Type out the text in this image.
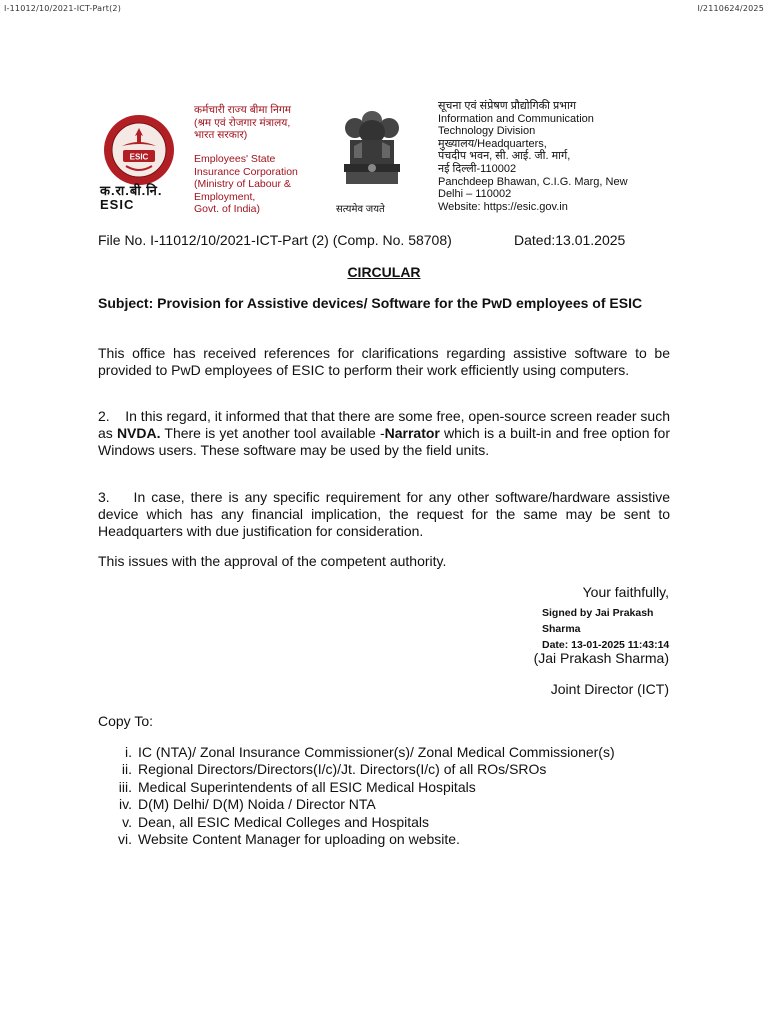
I-11012/10/2021-ICT-Part(2)	I/2110624/2025
ESIC
क.रा.बी.नि.
ESIC
कर्मचारी राज्य बीमा निगम
(श्रम एवं रोजगार मंत्रालय,
भारत सरकार)
Employees' State
Insurance Corporation
(Ministry of Labour &
Employment,
Govt. of India)	सत्यमेव जयते
सूचना एवं संप्रेषण प्रौद्योगिकी प्रभाग
Information and Communication
Technology Division
मुख्यालय/Headquarters,
पंचदीप भवन, सी. आई. जी. मार्ग,
नई दिल्ली-110002
Panchdeep Bhawan, C.I.G. Marg, New
Delhi – 110002
Website: https://esic.gov.in
File No. I-11012/10/2021-ICT-Part (2) (Comp. No. 58708)	Dated:13.01.2025
CIRCULAR
Subject: Provision for Assistive devices/ Software for the PwD employees of ESIC
This office has received references for clarifications regarding assistive software to be provided to PwD employees of ESIC to perform their work efficiently using computers.
2.    In this regard, it informed that that there are some free, open-source screen reader such as NVDA. There is yet another tool available -Narrator which is a built-in and free option for Windows users. These software may be used by the field units.
3.    In case, there is any specific requirement for any other software/hardware assistive device which has any financial implication, the request for the same may be sent to Headquarters with due justification for consideration.
This issues with the approval of the competent authority.
Your faithfully,
Signed by Jai Prakash
Sharma
Date: 13-01-2025 11:43:14
(Jai Prakash Sharma)
Joint Director (ICT)
Copy To:
i. IC (NTA)/ Zonal Insurance Commissioner(s)/ Zonal Medical Commissioner(s)
ii. Regional Directors/Directors(I/c)/Jt. Directors(I/c) of all ROs/SROs
iii. Medical Superintendents of all ESIC Medical Hospitals
iv. D(M) Delhi/ D(M) Noida / Director NTA
v. Dean, all ESIC Medical Colleges and Hospitals
vi. Website Content Manager for uploading on website.
